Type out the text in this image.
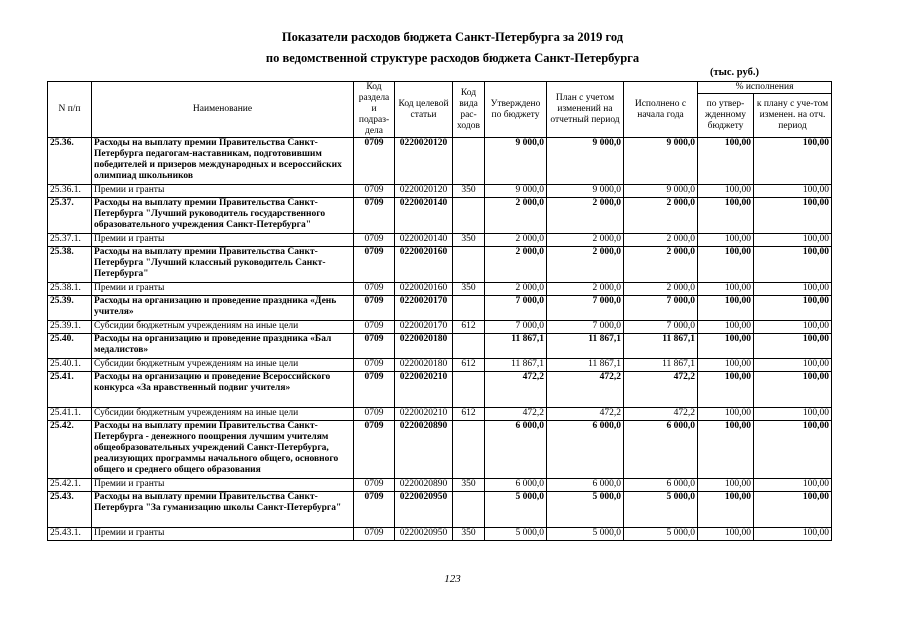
Показатели расходов бюджета Санкт-Петербурга за 2019 год
по ведомственной структуре расходов бюджета Санкт-Петербурга
(тыс. руб.)
N п/п	Наименование	Код раздела и подраз-дела	Код целевой статьи	Код вида рас-ходов	Утверждено по бюджету	План с учетом изменений на отчетный период	Исполнено с начала года	% исполнения	
								по утвер-жденному бюджету	к плану с уче-том изменен. на отч. период
25.36.	Расходы на выплату премии Правительства Санкт-Петербурга педагогам-наставникам, подготовившим победителей и призеров международных и всероссийских олимпиад школьников	0709	0220020120		9 000,0	9 000,0	9 000,0	100,00	100,00
25.36.1.	Премии и гранты	0709	0220020120	350	9 000,0	9 000,0	9 000,0	100,00	100,00
25.37.	Расходы на выплату премии Правительства Санкт-Петербурга "Лучший руководитель государственного образовательного учреждения Санкт-Петербурга"	0709	0220020140		2 000,0	2 000,0	2 000,0	100,00	100,00
25.37.1.	Премии и гранты	0709	0220020140	350	2 000,0	2 000,0	2 000,0	100,00	100,00
25.38.	Расходы на выплату премии Правительства Санкт-Петербурга "Лучший классный руководитель Санкт-Петербурга"	0709	0220020160		2 000,0	2 000,0	2 000,0	100,00	100,00
25.38.1.	Премии и гранты	0709	0220020160	350	2 000,0	2 000,0	2 000,0	100,00	100,00
25.39.	Расходы на организацию и проведение праздника «День учителя»	0709	0220020170		7 000,0	7 000,0	7 000,0	100,00	100,00
25.39.1.	Субсидии бюджетным учреждениям на иные цели	0709	0220020170	612	7 000,0	7 000,0	7 000,0	100,00	100,00
25.40.	Расходы на организацию и проведение праздника «Бал медалистов»	0709	0220020180		11 867,1	11 867,1	11 867,1	100,00	100,00
25.40.1.	Субсидии бюджетным учреждениям на иные цели	0709	0220020180	612	11 867,1	11 867,1	11 867,1	100,00	100,00
25.41.	Расходы на организацию и проведение Всероссийского конкурса «За нравственный подвиг учителя»	0709	0220020210		472,2	472,2	472,2	100,00	100,00
25.41.1.	Субсидии бюджетным учреждениям на иные цели	0709	0220020210	612	472,2	472,2	472,2	100,00	100,00
25.42.	Расходы на выплату премии Правительства Санкт-Петербурга - денежного поощрения лучшим учителям общеобразовательных учреждений Санкт-Петербурга, реализующих программы начального общего, основного общего и среднего общего образования	0709	0220020890		6 000,0	6 000,0	6 000,0	100,00	100,00
25.42.1.	Премии и гранты	0709	0220020890	350	6 000,0	6 000,0	6 000,0	100,00	100,00
25.43.	Расходы на выплату премии Правительства Санкт-Петербурга "За гуманизацию школы Санкт-Петербурга"	0709	0220020950		5 000,0	5 000,0	5 000,0	100,00	100,00
25.43.1.	Премии и гранты	0709	0220020950	350	5 000,0	5 000,0	5 000,0	100,00	100,00
123
